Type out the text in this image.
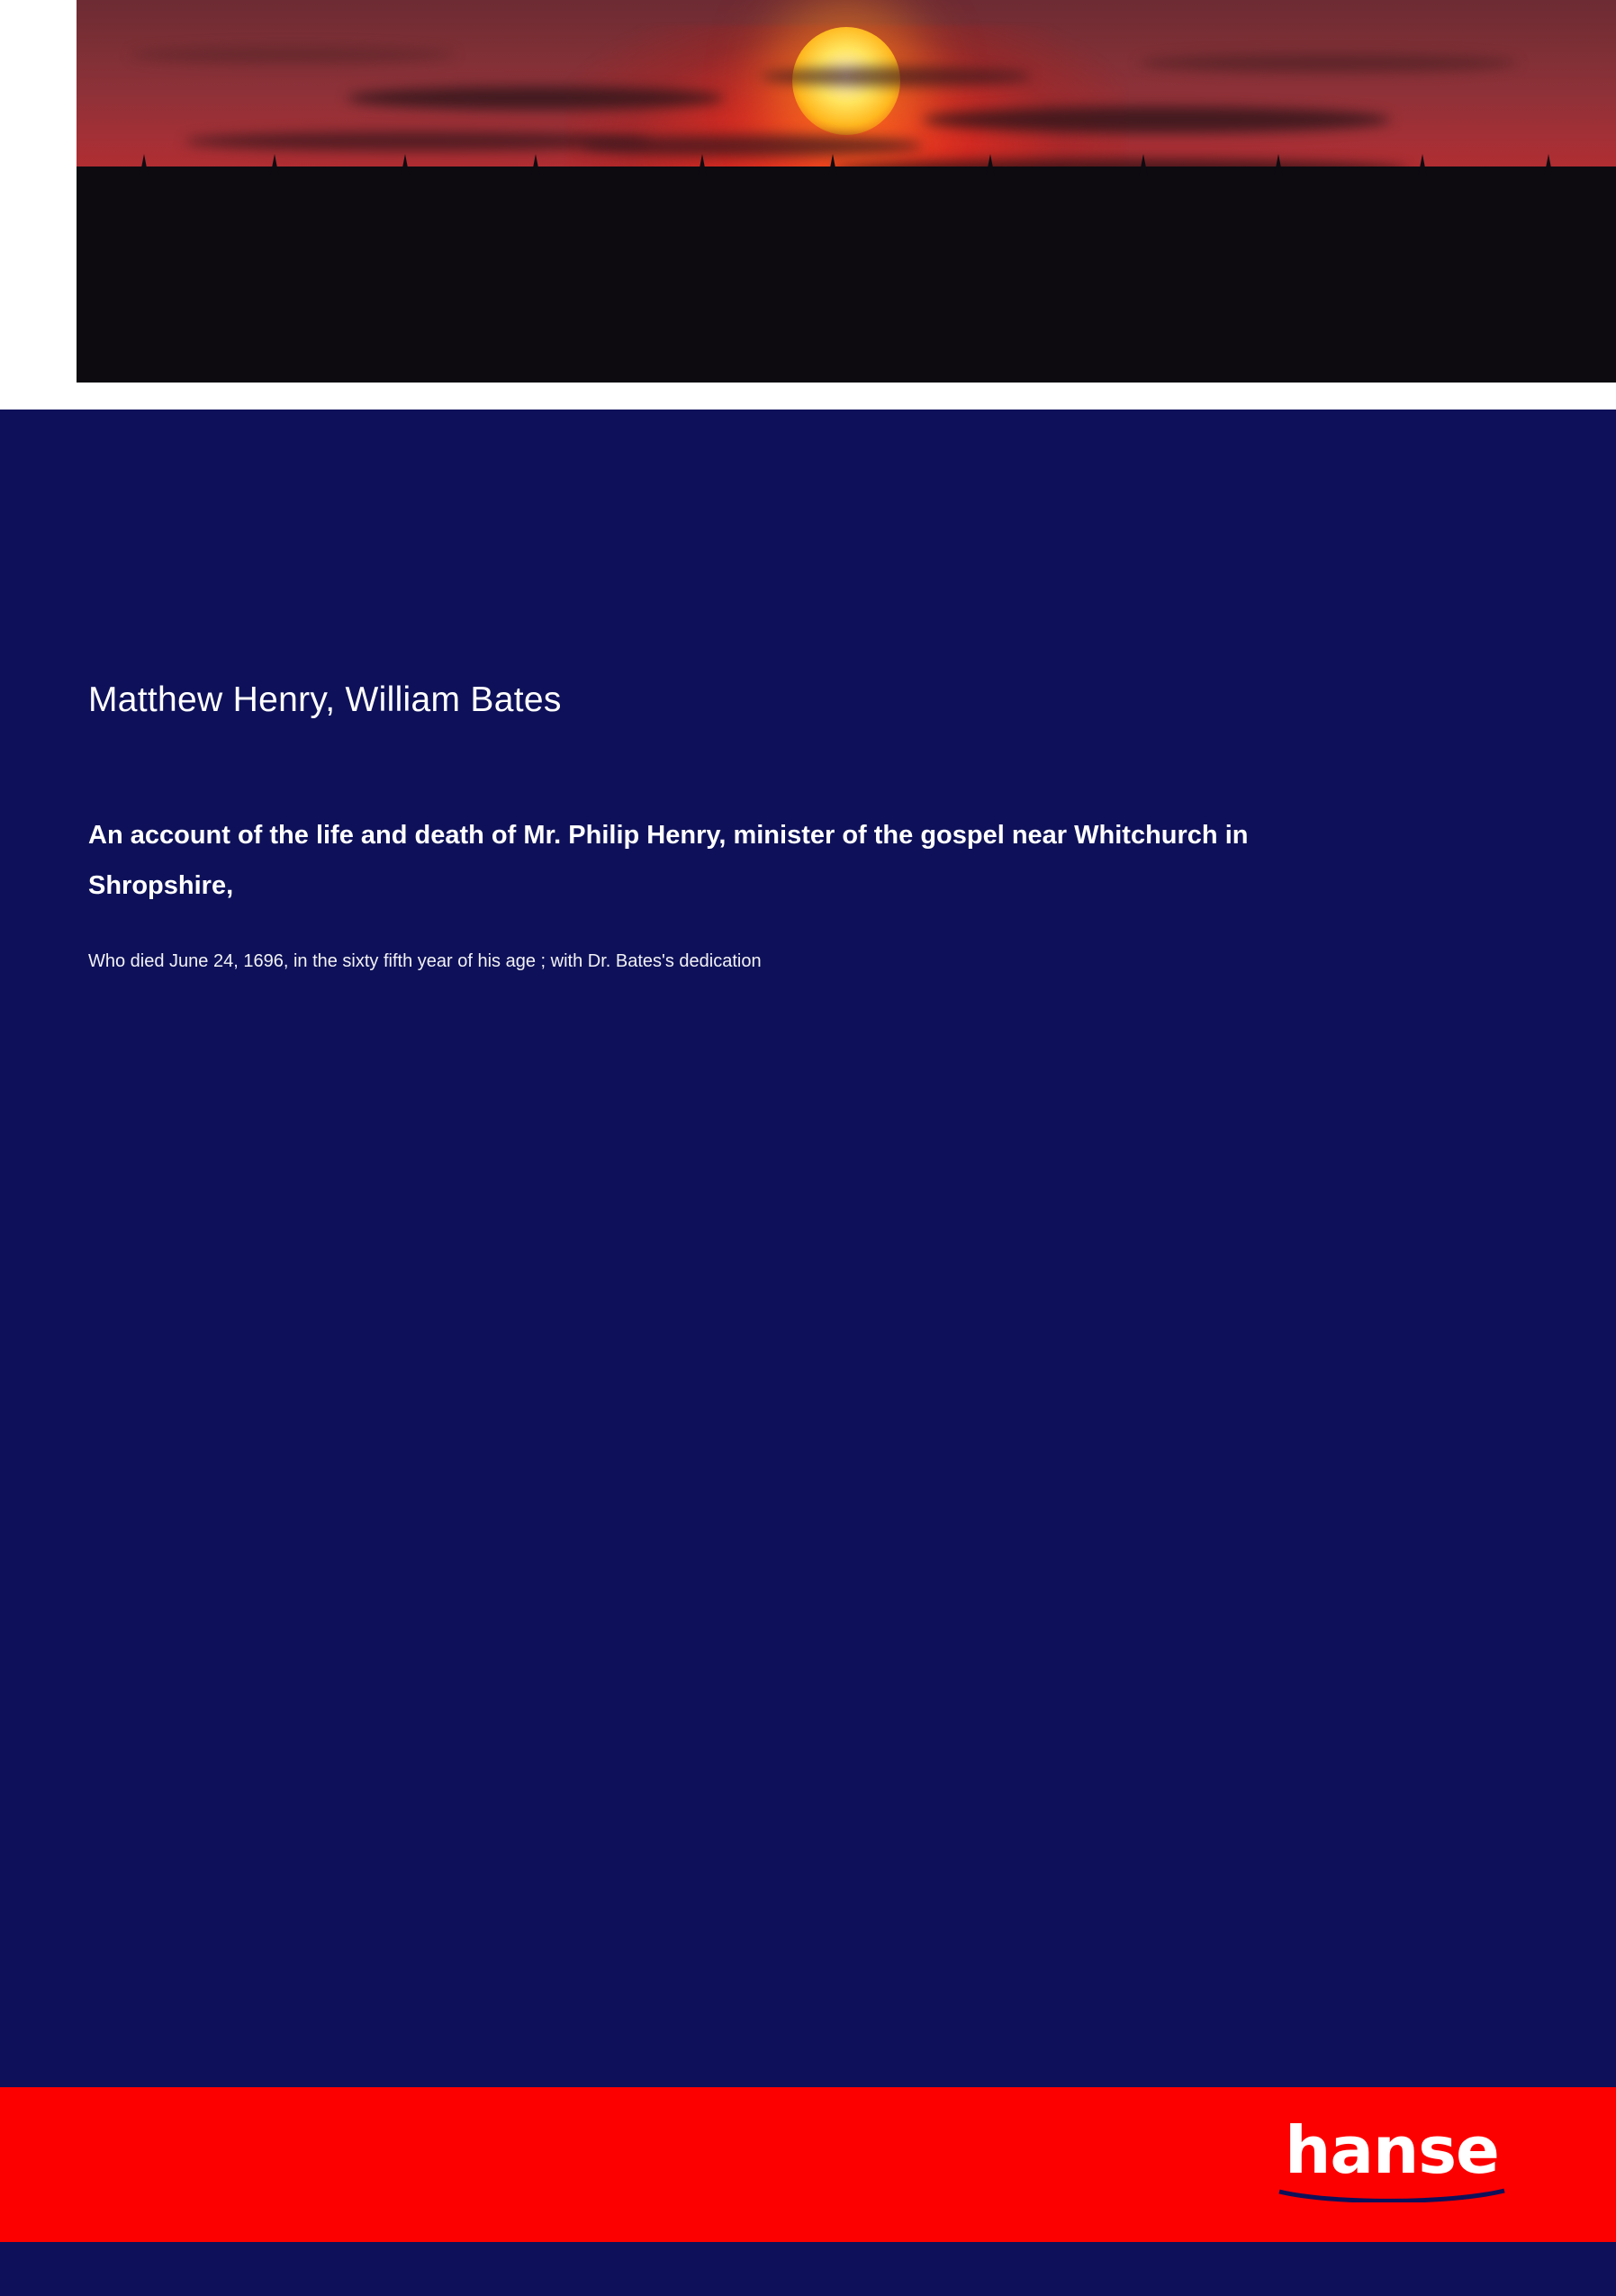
Matthew Henry, William Bates
An account of the life and death of Mr. Philip Henry, minister of the gospel near Whitchurch in Shropshire,
Who died June 24, 1696, in the sixty fifth year of his age ; with Dr. Bates's dedication
hanse
